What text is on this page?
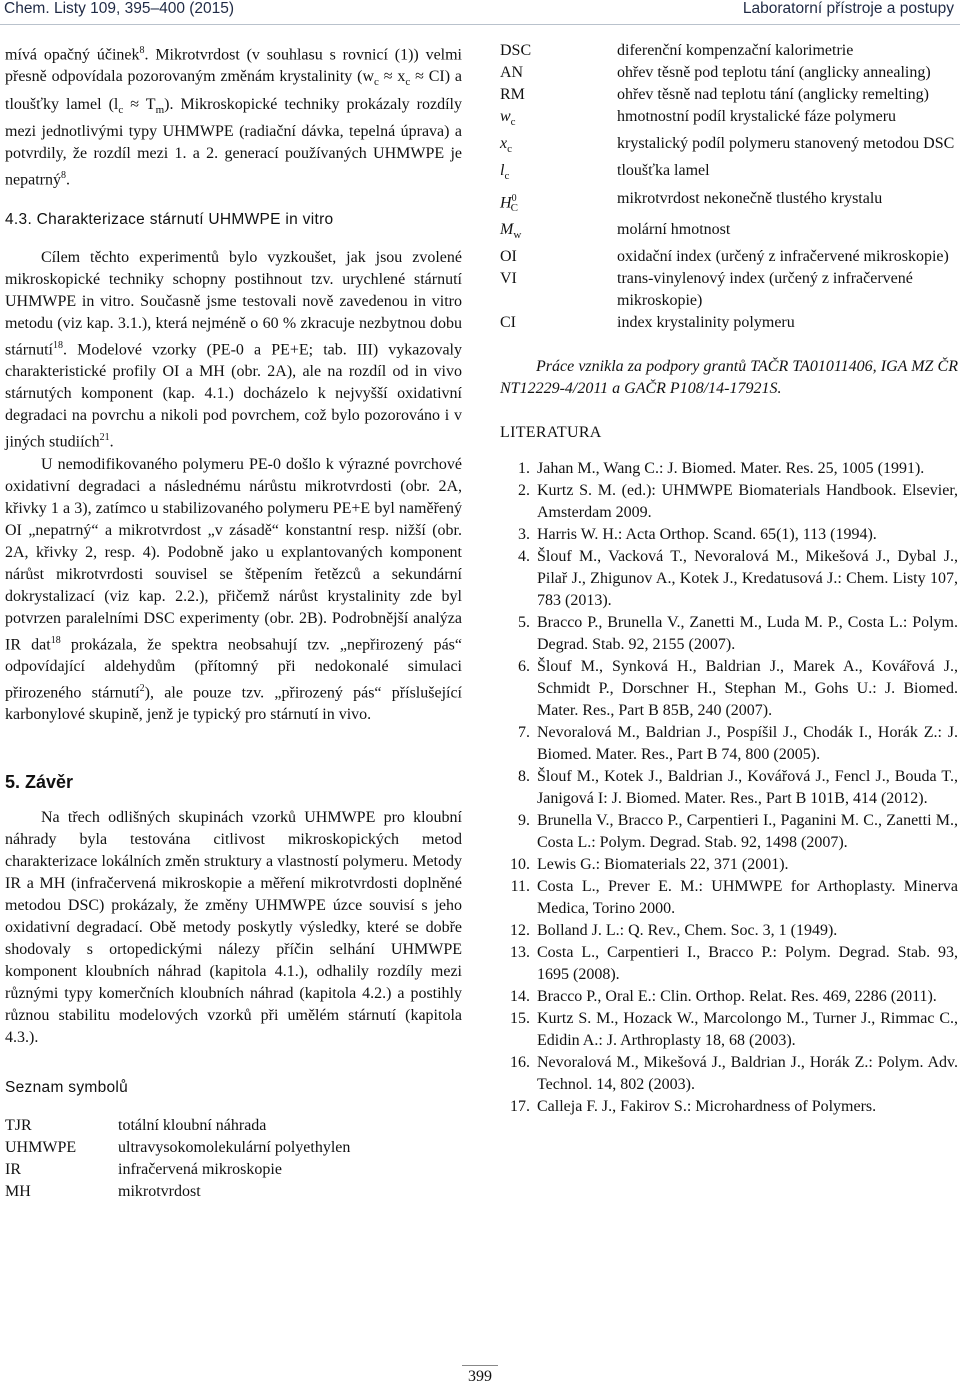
Chem. Listy 109, 395–400 (2015)	Laboratorní přístroje a postupy

mívá opačný účinek$^8$. Mikrotvrdost (v souhlasu s rovnicí (1)) velmi přesně odpovídala pozorovaným změnám krystalinity $(w_c \approx x_c \approx CI)$ a tloušťky lamel $(l_c \approx T_m)$. Mikroskopické techniky prokázaly rozdíly mezi jednotlivými typy UHMWPE (radiační dávka, tepelná úprava) a potvrdily, že rozdíl mezi 1. a 2. generací používaných UHMWPE je nepatrný$^8$.

4.3. Charakterizace stárnutí UHMWPE in vitro

Cílem těchto experimentů bylo vyzkoušet, jak jsou zvolené mikroskopické techniky schopny postihnout tzv. urychlené stárnutí UHMWPE in vitro. Současně jsme testovali nově zavedenou in vitro metodu (viz kap. 3.1.), která nejméně o 60 % zkracuje nezbytnou dobu stárnutí$^{18}$. Modelové vzorky (PE-0 a PE+E; tab. III) vykazovaly charakteristické profily OI a MH (obr. 2A), ale na rozdíl od in vivo stárnutých komponent (kap. 4.1.) docházelo k nejvyšší oxidativní degradaci na povrchu a nikoli pod povrchem, což bylo pozorováno i v jiných studiích$^{21}$.

U nemodifikovaného polymeru PE-0 došlo k výrazné povrchové oxidativní degradaci a následnému nárůstu mikrotvrdosti (obr. 2A, křivky 1 a 3), zatímco u stabilizovaného polymeru PE+E byl naměřený OI „nepatrný“ a mikrotvrdost „v zásadě“ konstantní resp. nižší (obr. 2A, křivky 2, resp. 4). Podobně jako u explantovaných komponent nárůst mikrotvrdosti souvisel se štěpením řetězců a sekundární dokrystalizací (viz kap. 2.2.), přičemž nárůst krystalinity zde byl potvrzen paralelními DSC experimenty (obr. 2B). Podrobnější analýza IR dat$^{18}$ prokázala, že spektra neobsahují tzv. „nepřirozený pás“ odpovídající aldehydům (přítomný při nedokonalé simulaci přirozeného stárnutí$^2$), ale pouze tzv. „přirozený pás“ příslušející karbonylové skupině, jenž je typický pro stárnutí in vivo.

5. Závěr

Na třech odlišných skupinách vzorků UHMWPE pro kloubní náhrady byla testována citlivost mikroskopických metod charakterizace lokálních změn struktury a vlastností polymeru. Metody IR a MH (infračervená mikroskopie a měření mikrotvrdosti doplněné metodou DSC) prokázaly, že změny UHMWPE úzce souvisí s jeho oxidativní degradací. Obě metody poskytly výsledky, které se dobře shodovaly s ortopedickými nálezy příčin selhání UHMWPE komponent kloubních náhrad (kapitola 4.1.), odhalily rozdíly mezi různými typy komerčních kloubních náhrad (kapitola 4.2.) a postihly různou stabilitu modelových vzorků při umělém stárnutí (kapitola 4.3.).

Seznam symbolů

TJR	totální kloubní náhrada
UHMWPE	ultravysokomolekulární polyethylen
IR	infračervená mikroskopie
MH	mikrotvrdost
DSC	diferenční kompenzační kalorimetrie
AN	ohřev těsně pod teplotu tání (anglicky annealing)
RM	ohřev těsně nad teplotu tání (anglicky remelting)
$w_c$	hmotnostní podíl krystalické fáze polymeru
$x_c$	krystalický podíl polymeru stanovený metodou DSC
$l_c$	tloušťka lamel
$H^0_C$	mikrotvrdost nekonečně tlustého krystalu
$M_w$	molární hmotnost
OI	oxidační index (určený z infračervené mikroskopie)
VI	trans-vinylenový index (určený z infračervené mikroskopie)
CI	index krystalinity polymeru

Práce vznikla za podpory grantů TAČR TA01011406, IGA MZ ČR NT12229-4/2011 a GAČR P108/14-17921S.

LITERATURA

1. Jahan M., Wang C.: J. Biomed. Mater. Res. 25, 1005 (1991).
2. Kurtz S. M. (ed.): UHMWPE Biomaterials Handbook. Elsevier, Amsterdam 2009.
3. Harris W. H.: Acta Orthop. Scand. 65(1), 113 (1994).
4. Šlouf M., Vacková T., Nevoralová M., Mikešová J., Dybal J., Pilař J., Zhigunov A., Kotek J., Kredatusová J.: Chem. Listy 107, 783 (2013).
5. Bracco P., Brunella V., Zanetti M., Luda M. P., Costa L.: Polym. Degrad. Stab. 92, 2155 (2007).
6. Šlouf M., Synková H., Baldrian J., Marek A., Kovářová J., Schmidt P., Dorschner H., Stephan M., Gohs U.: J. Biomed. Mater. Res., Part B 85B, 240 (2007).
7. Nevoralová M., Baldrian J., Pospíšil J., Chodák I., Horák Z.: J. Biomed. Mater. Res., Part B 74, 800 (2005).
8. Šlouf M., Kotek J., Baldrian J., Kovářová J., Fencl J., Bouda T., Janigová I: J. Biomed. Mater. Res., Part B 101B, 414 (2012).
9. Brunella V., Bracco P., Carpentieri I., Paganini M. C., Zanetti M., Costa L.: Polym. Degrad. Stab. 92, 1498 (2007).
10. Lewis G.: Biomaterials 22, 371 (2001).
11. Costa L., Prever E. M.: UHMWPE for Arthoplasty. Minerva Medica, Torino 2000.
12. Bolland J. L.: Q. Rev., Chem. Soc. 3, 1 (1949).
13. Costa L., Carpentieri I., Bracco P.: Polym. Degrad. Stab. 93, 1695 (2008).
14. Bracco P., Oral E.: Clin. Orthop. Relat. Res. 469, 2286 (2011).
15. Kurtz S. M., Hozack W., Marcolongo M., Turner J., Rimmac C., Edidin A.: J. Arthroplasty 18, 68 (2003).
16. Nevoralová M., Mikešová J., Baldrian J., Horák Z.: Polym. Adv. Technol. 14, 802 (2003).
17. Calleja F. J., Fakirov S.: Microhardness of Polymers.
399
